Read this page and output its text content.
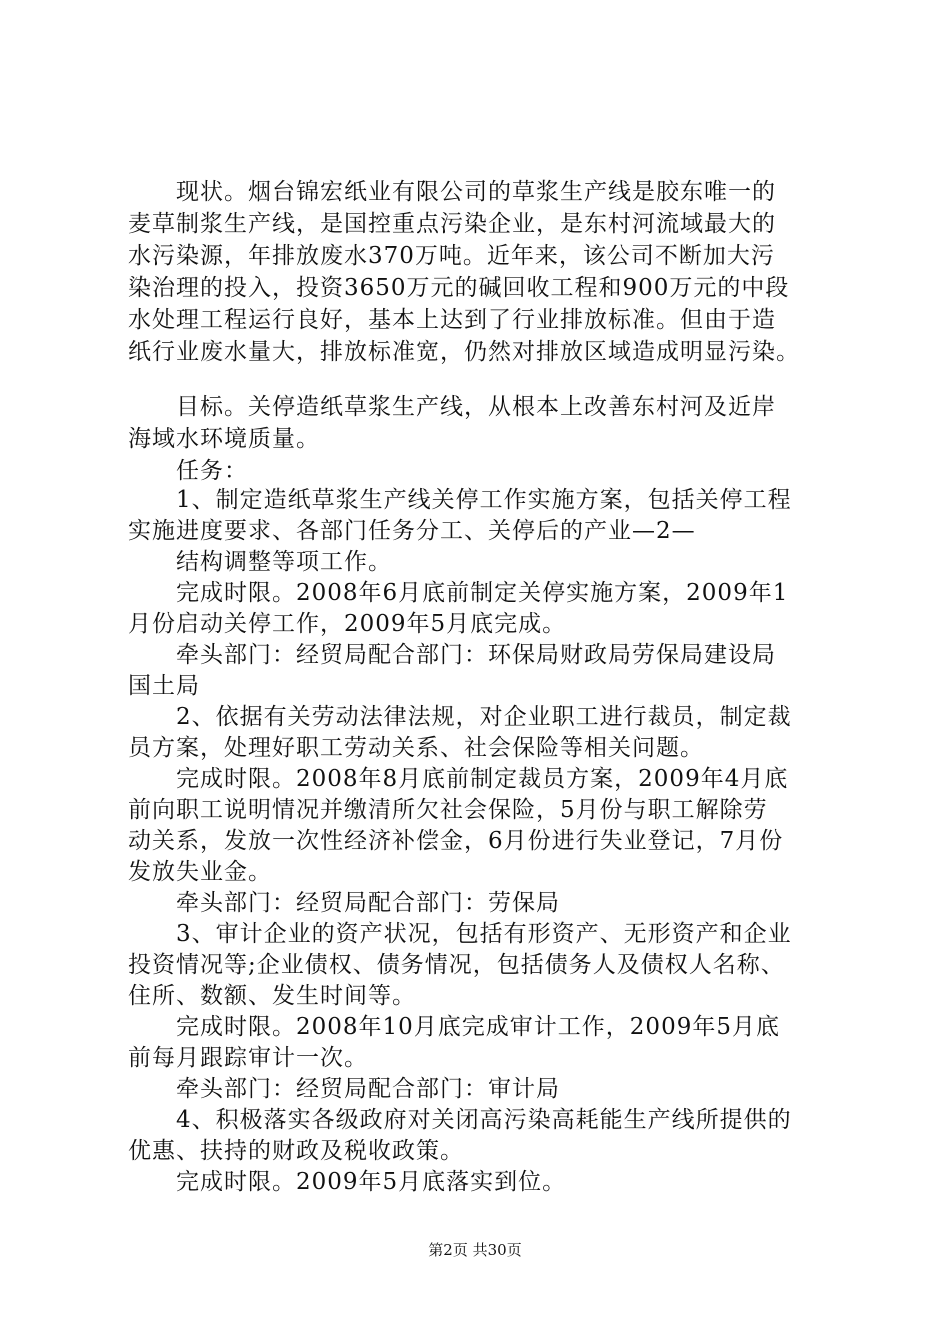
　　现状。烟台锦宏纸业有限公司的草浆生产线是胶东唯一的
麦草制浆生产线，是国控重点污染企业，是东村河流域最大的
水污染源，年排放废水370万吨。近年来，该公司不断加大污
染治理的投入，投资3650万元的碱回收工程和900万元的中段
水处理工程运行良好，基本上达到了行业排放标准。但由于造
纸行业废水量大，排放标准宽，仍然对排放区域造成明显污染。
　　目标。关停造纸草浆生产线，从根本上改善东村河及近岸
海域水环境质量。
　　任务：
　　1、制定造纸草浆生产线关停工作实施方案，包括关停工程
实施进度要求、各部门任务分工、关停后的产业—2—
　　结构调整等项工作。
　　完成时限。2008年6月底前制定关停实施方案，2009年1
月份启动关停工作，2009年5月底完成。
　　牵头部门：经贸局配合部门：环保局财政局劳保局建设局
国土局
　　2、依据有关劳动法律法规，对企业职工进行裁员，制定裁
员方案，处理好职工劳动关系、社会保险等相关问题。
　　完成时限。2008年8月底前制定裁员方案，2009年4月底
前向职工说明情况并缴清所欠社会保险，5月份与职工解除劳
动关系，发放一次性经济补偿金，6月份进行失业登记，7月份
发放失业金。
　　牵头部门：经贸局配合部门：劳保局
　　3、审计企业的资产状况，包括有形资产、无形资产和企业
投资情况等;企业债权、债务情况，包括债务人及债权人名称、
住所、数额、发生时间等。
　　完成时限。2008年10月底完成审计工作，2009年5月底
前每月跟踪审计一次。
　　牵头部门：经贸局配合部门：审计局
　　4、积极落实各级政府对关闭高污染高耗能生产线所提供的
优惠、扶持的财政及税收政策。
　　完成时限。2009年5月底落实到位。
第2页 共30页
